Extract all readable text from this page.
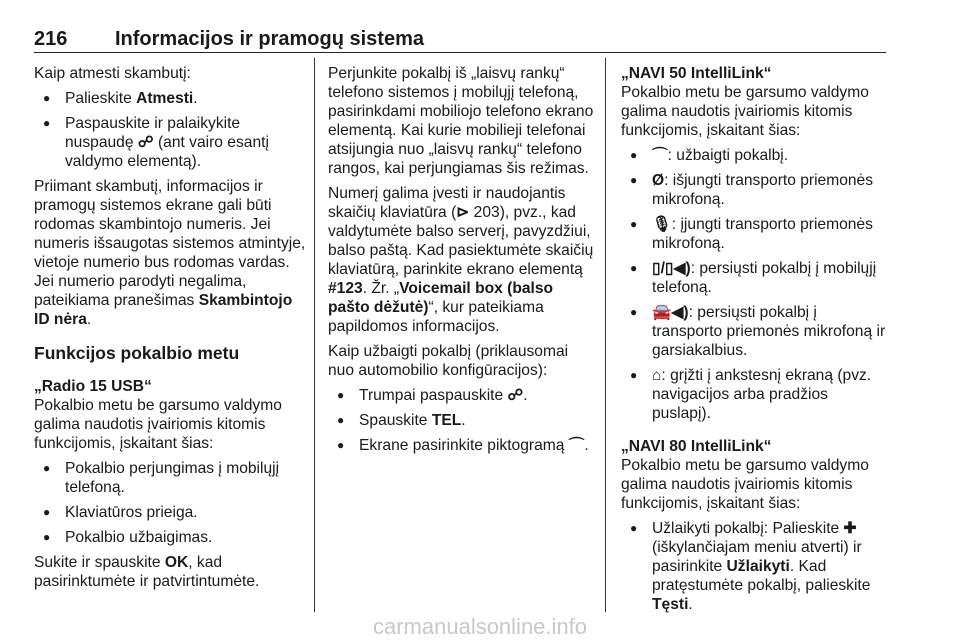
216 Informacijos ir pramogų sistema

Kaip atmesti skambutį:

● Palieskite Atmesti.
● Paspauskite ir palaikykite nuspaudę ☍ (ant vairo esantį valdymo elementą).

Priimant skambutį, informacijos ir pramogų sistemos ekrane gali būti rodomas skambintojo numeris. Jei numeris išsaugotas sistemos atmintyje, vietoje numerio bus rodomas vardas. Jei numerio parodyti negalima, pateikiama pranešimas Skambintojo ID nėra.

Funkcijos pokalbio metu
„Radio 15 USB“

Pokalbio metu be garsumo valdymo galima naudotis įvairiomis kitomis funkcijomis, įskaitant šias:

● Pokalbio perjungimas į mobilųjį telefoną.
● Klaviatūros prieiga.
● Pokalbio užbaigimas.

Sukite ir spauskite OK, kad pasirinktumėte ir patvirtintumėte.

Perjunkite pokalbį iš „laisvų rankų“ telefono sistemos į mobilųjį telefoną, pasirinkdami mobiliojo telefono ekrano elementą. Kai kurie mobilieji telefonai atsijungia nuo „laisvų rankų“ telefono rangos, kai perjungiamas šis režimas.

Numerį galima įvesti ir naudojantis skaičių klaviatūra (⊳ 203), pvz., kad valdytumėte balso serverį, pavyzdžiui, balso paštą. Kad pasiektumėte skaičių klaviatūrą, parinkite ekrano elementą #123. Žr. „Voicemail box (balso pašto dėžutė)“, kur pateikiama papildomos informacijos.

Kaip užbaigti pokalbį (priklausomai nuo automobilio konfigūracijos):

● Trumpai paspauskite ☍.
● Spauskite TEL.
● Ekrane pasirinkite piktogramą ⌒.
„NAVI 50 IntelliLink“

Pokalbio metu be garsumo valdymo galima naudotis įvairiomis kitomis funkcijomis, įskaitant šias:

● ⌒: užbaigti pokalbį.
● Ø: išjungti transporto priemonės mikrofoną.
● 🎙: įjungti transporto priemonės mikrofoną.
● ▯/▯◀): persiųsti pokalbį į mobilųjį telefoną.
● 🚘◀): persiųsti pokalbį į transporto priemonės mikrofoną ir garsiakalbius.
● ⌂: grįžti į ankstesnį ekraną (pvz. navigacijos arba pradžios puslapį).
„NAVI 80 IntelliLink“

Pokalbio metu be garsumo valdymo galima naudotis įvairiomis kitomis funkcijomis, įskaitant šias:

● Užlaikyti pokalbį: Palieskite ✚ (iškylančiajam meniu atverti) ir pasirinkite Užlaikyti. Kad pratęstumėte pokalbį, palieskite Tęsti.
carmanualsonline.info
